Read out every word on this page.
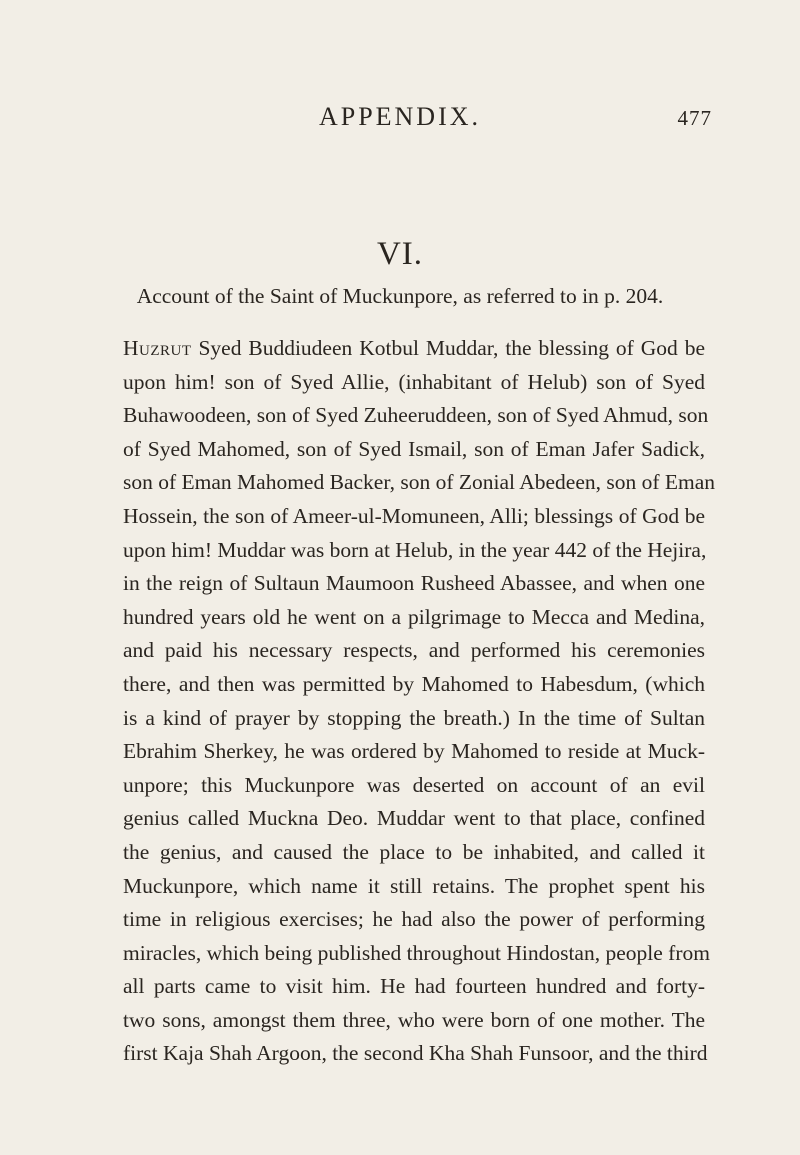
APPENDIX.	477
VI.
Account of the Saint of Muckunpore, as referred to in p. 204.
Huzrut Syed Buddiudeen Kotbul Muddar, the blessing of God be
upon him! son of Syed Allie, (inhabitant of Helub) son of Syed
Buhawoodeen, son of Syed Zuheeruddeen, son of Syed Ahmud, son
of Syed Mahomed, son of Syed Ismail, son of Eman Jafer Sadick,
son of Eman Mahomed Backer, son of Zonial Abedeen, son of Eman
Hossein, the son of Ameer-ul-Momuneen, Alli; blessings of God be
upon him! Muddar was born at Helub, in the year 442 of the Hejira,
in the reign of Sultaun Maumoon Rusheed Abassee, and when one
hundred years old he went on a pilgrimage to Mecca and Medina,
and paid his necessary respects, and performed his ceremonies
there, and then was permitted by Mahomed to Habesdum, (which
is a kind of prayer by stopping the breath.) In the time of Sultan
Ebrahim Sherkey, he was ordered by Mahomed to reside at Muck-
unpore; this Muckunpore was deserted on account of an evil
genius called Muckna Deo. Muddar went to that place, confined
the genius, and caused the place to be inhabited, and called it
Muckunpore, which name it still retains. The prophet spent his
time in religious exercises; he had also the power of performing
miracles, which being published throughout Hindostan, people from
all parts came to visit him. He had fourteen hundred and forty-
two sons, amongst them three, who were born of one mother. The
first Kaja Shah Argoon, the second Kha Shah Funsoor, and the third
